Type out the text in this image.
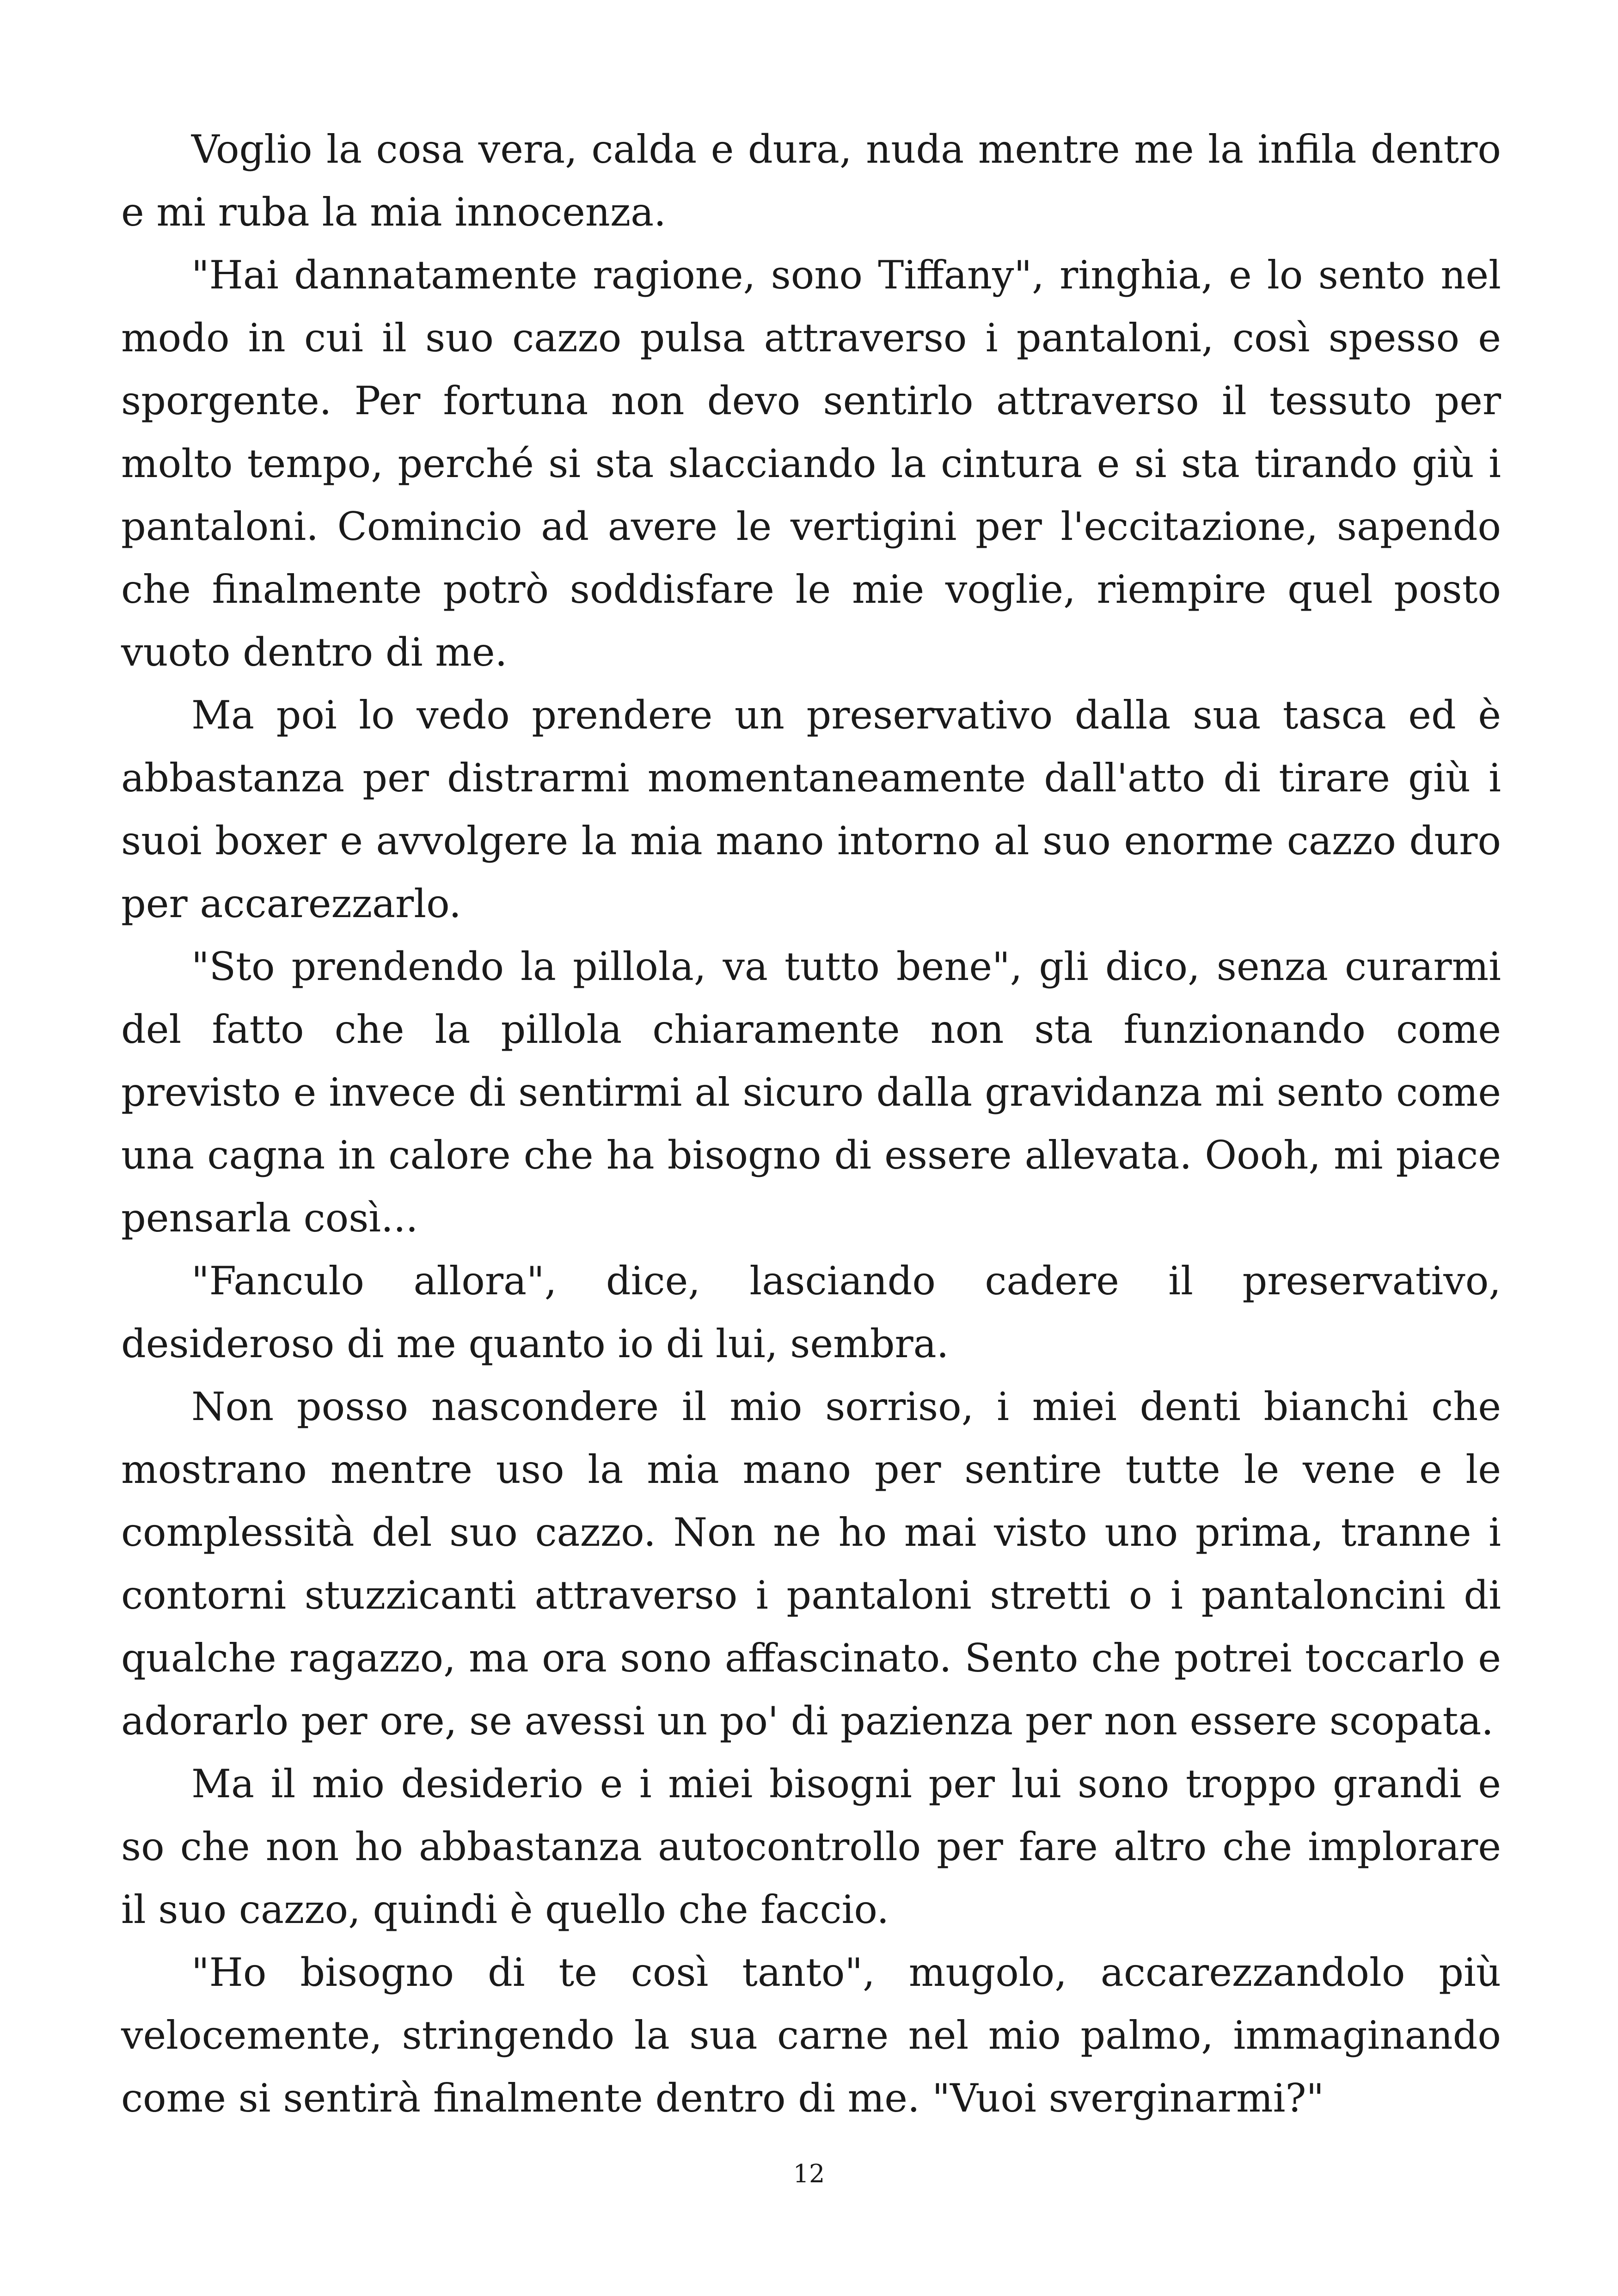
Voglio la cosa vera, calda e dura, nuda mentre me la infila dentro e mi ruba la mia innocenza.

"Hai dannatamente ragione, sono Tiffany", ringhia, e lo sento nel modo in cui il suo cazzo pulsa attraverso i pantaloni, così spesso e sporgente. Per fortuna non devo sentirlo attraverso il tessuto per molto tempo, perché si sta slacciando la cintura e si sta tirando giù i pantaloni. Comincio ad avere le vertigini per l'eccitazione, sapendo che finalmente potrò soddisfare le mie voglie, riempire quel posto vuoto dentro di me.

Ma poi lo vedo prendere un preservativo dalla sua tasca ed è abbastanza per distrarmi momentaneamente dall'atto di tirare giù i suoi boxer e avvolgere la mia mano intorno al suo enorme cazzo duro per accarezzarlo.

"Sto prendendo la pillola, va tutto bene", gli dico, senza curarmi del fatto che la pillola chiaramente non sta funzionando come previsto e invece di sentirmi al sicuro dalla gravidanza mi sento come una cagna in calore che ha bisogno di essere allevata. Oooh, mi piace pensarla così...

"Fanculo allora", dice, lasciando cadere il preservativo, desideroso di me quanto io di lui, sembra.

Non posso nascondere il mio sorriso, i miei denti bianchi che mostrano mentre uso la mia mano per sentire tutte le vene e le complessità del suo cazzo. Non ne ho mai visto uno prima, tranne i contorni stuzzicanti attraverso i pantaloni stretti o i pantaloncini di qualche ragazzo, ma ora sono affascinato. Sento che potrei toccarlo e adorarlo per ore, se avessi un po' di pazienza per non essere scopata.

Ma il mio desiderio e i miei bisogni per lui sono troppo grandi e so che non ho abbastanza autocontrollo per fare altro che implorare il suo cazzo, quindi è quello che faccio.

"Ho bisogno di te così tanto", mugolo, accarezzandolo più velocemente, stringendo la sua carne nel mio palmo, immaginando come si sentirà finalmente dentro di me. "Vuoi sverginarmi?"

12
